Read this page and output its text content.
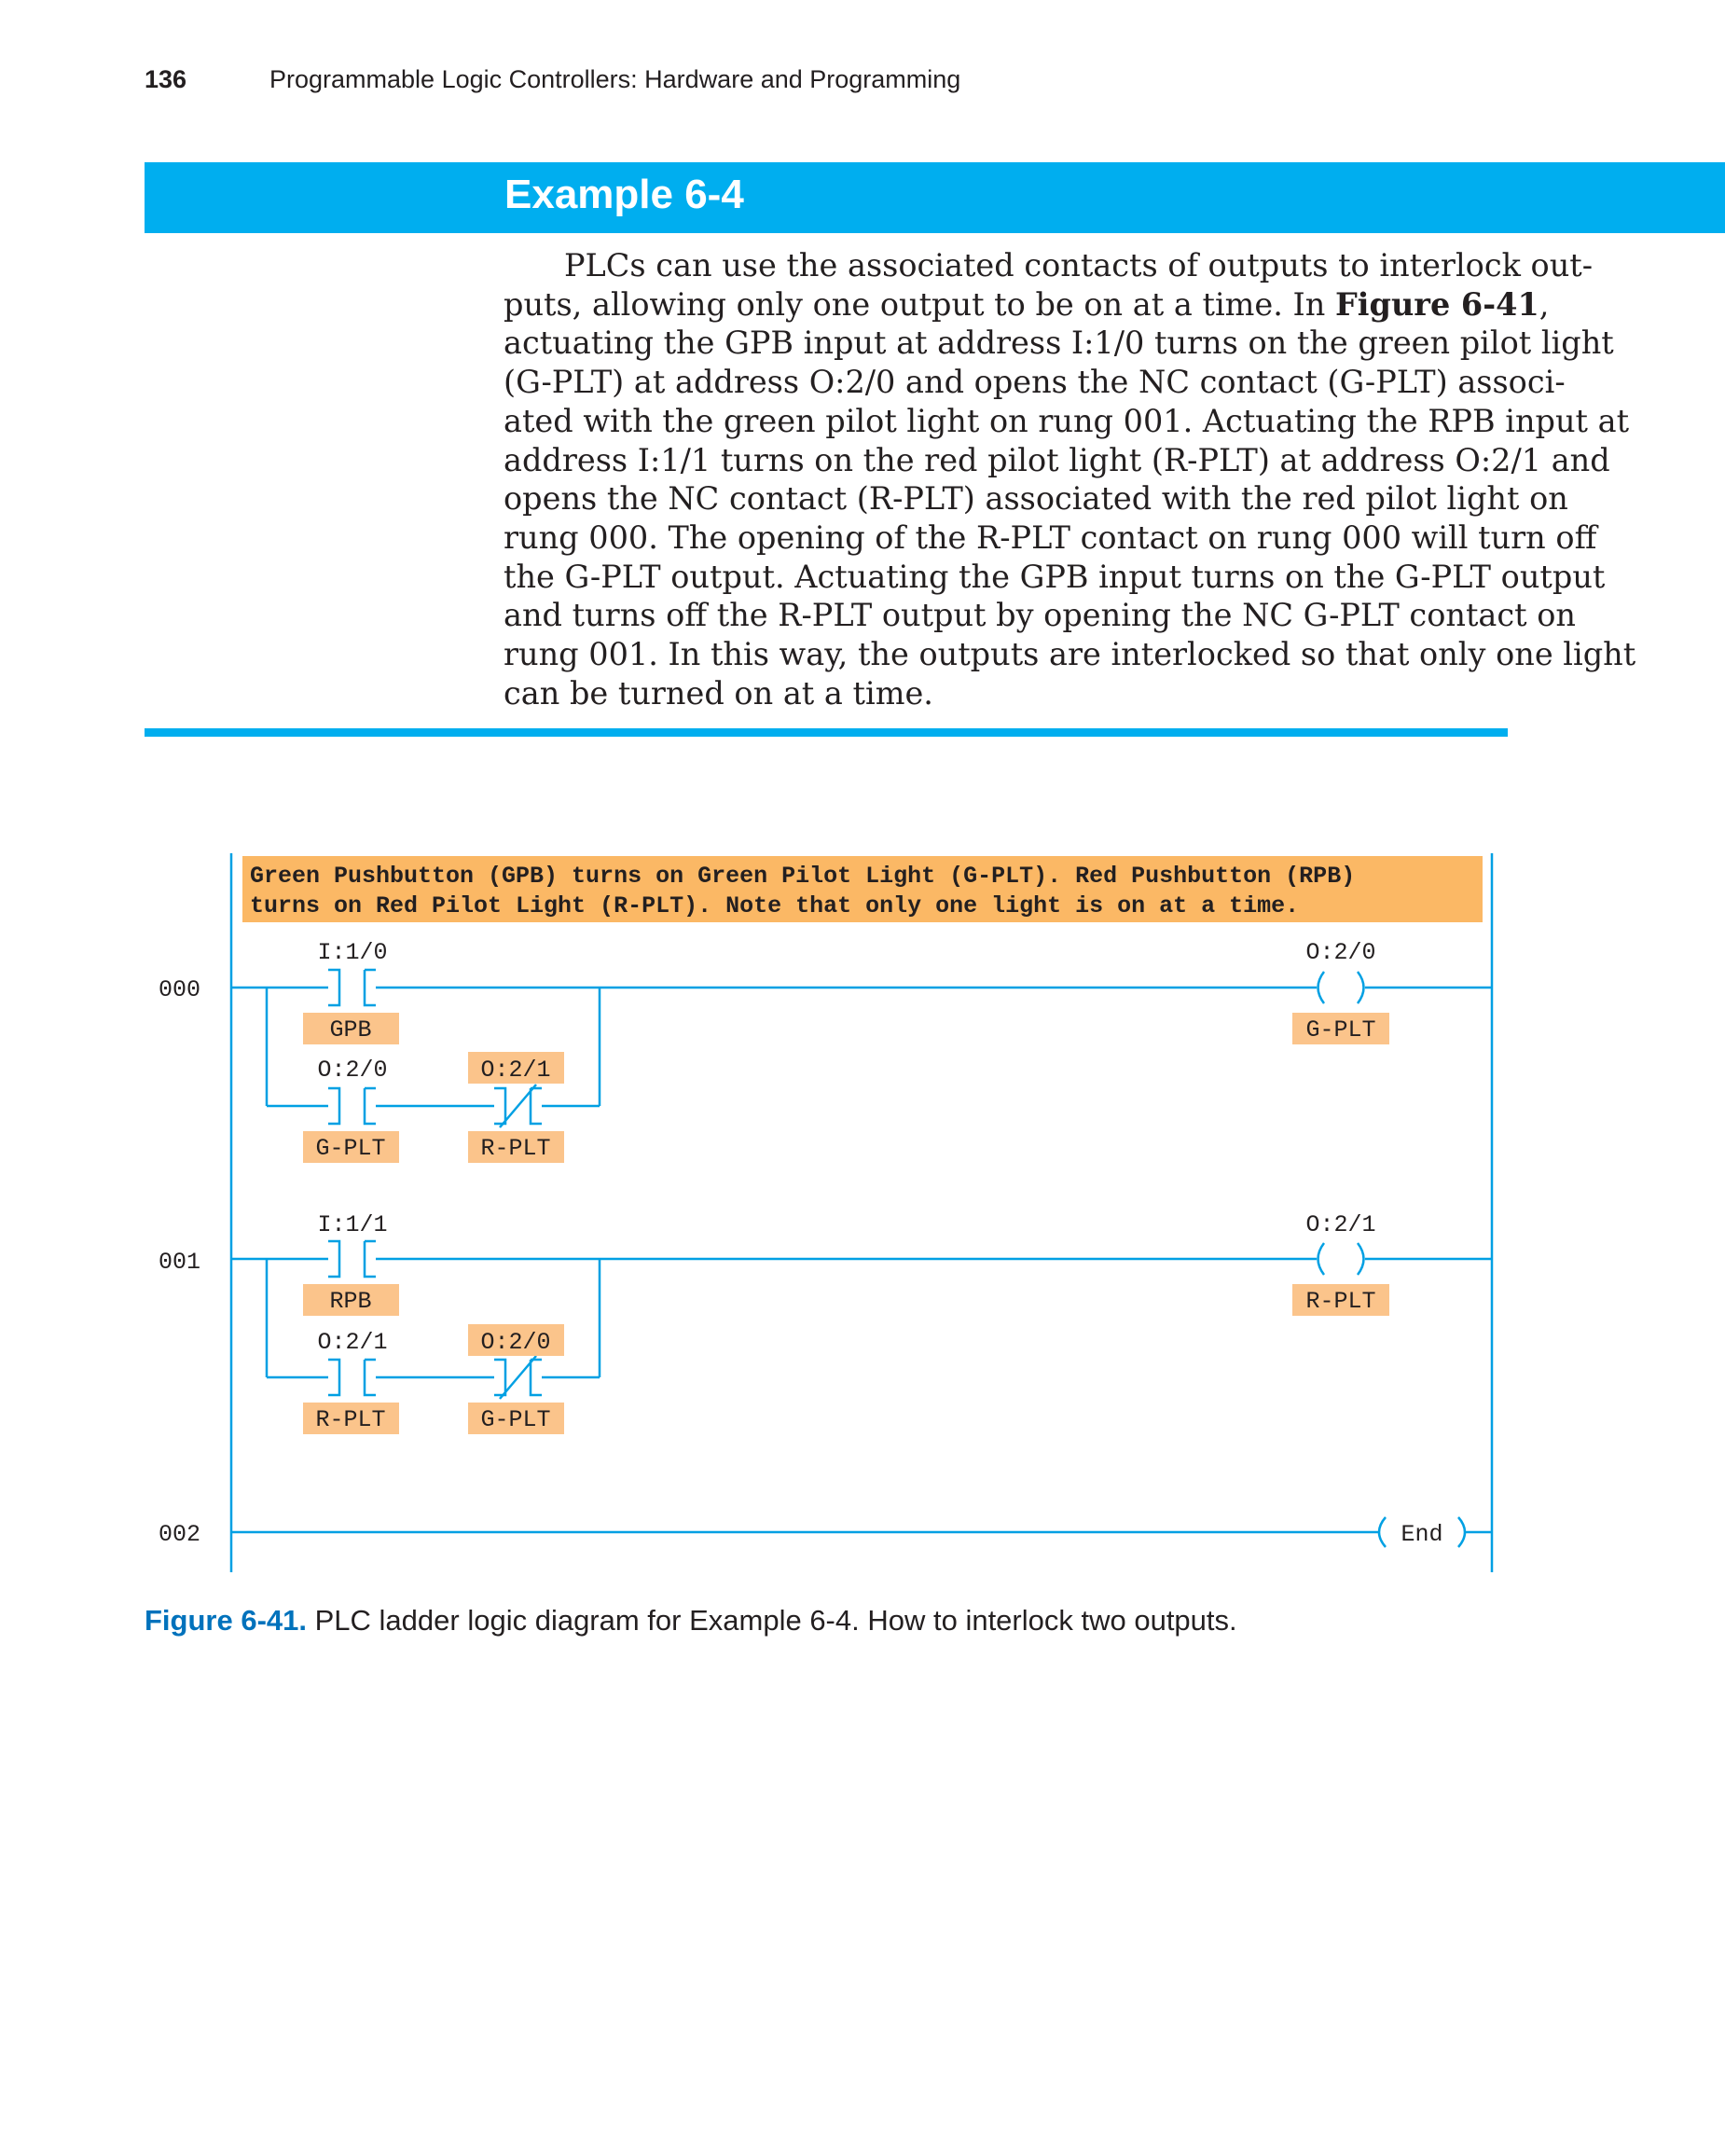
136	Programmable Logic Controllers: Hardware and Programming
Example 6-4
PLCs can use the associated contacts of outputs to interlock out-
puts, allowing only one output to be on at a time. In Figure 6-41,
actuating the GPB input at address I:1/0 turns on the green pilot light
(G-PLT) at address O:2/0 and opens the NC contact (G-PLT) associ-
ated with the green pilot light on rung 001. Actuating the RPB input at
address I:1/1 turns on the red pilot light (R-PLT) at address O:2/1 and
opens the NC contact (R-PLT) associated with the red pilot light on
rung 000. The opening of the R-PLT contact on rung 000 will turn off
the G-PLT output. Actuating the GPB input turns on the G-PLT output
and turns off the R-PLT output by opening the NC G-PLT contact on
rung 001. In this way, the outputs are interlocked so that only one light
can be turned on at a time.
Green Pushbutton (GPB) turns on Green Pilot Light (G-PLT). Red Pushbutton (RPB)
turns on Red Pilot Light (R-PLT). Note that only one light is on at a time.
000
I:1/0
GPB
O:2/0
G-PLT
O:2/1
R-PLT
O:2/0
G-PLT
001
I:1/1
RPB
O:2/1
R-PLT
O:2/0
G-PLT
O:2/1
R-PLT
002	End
Figure 6-41. PLC ladder logic diagram for Example 6-4. How to interlock two outputs.
